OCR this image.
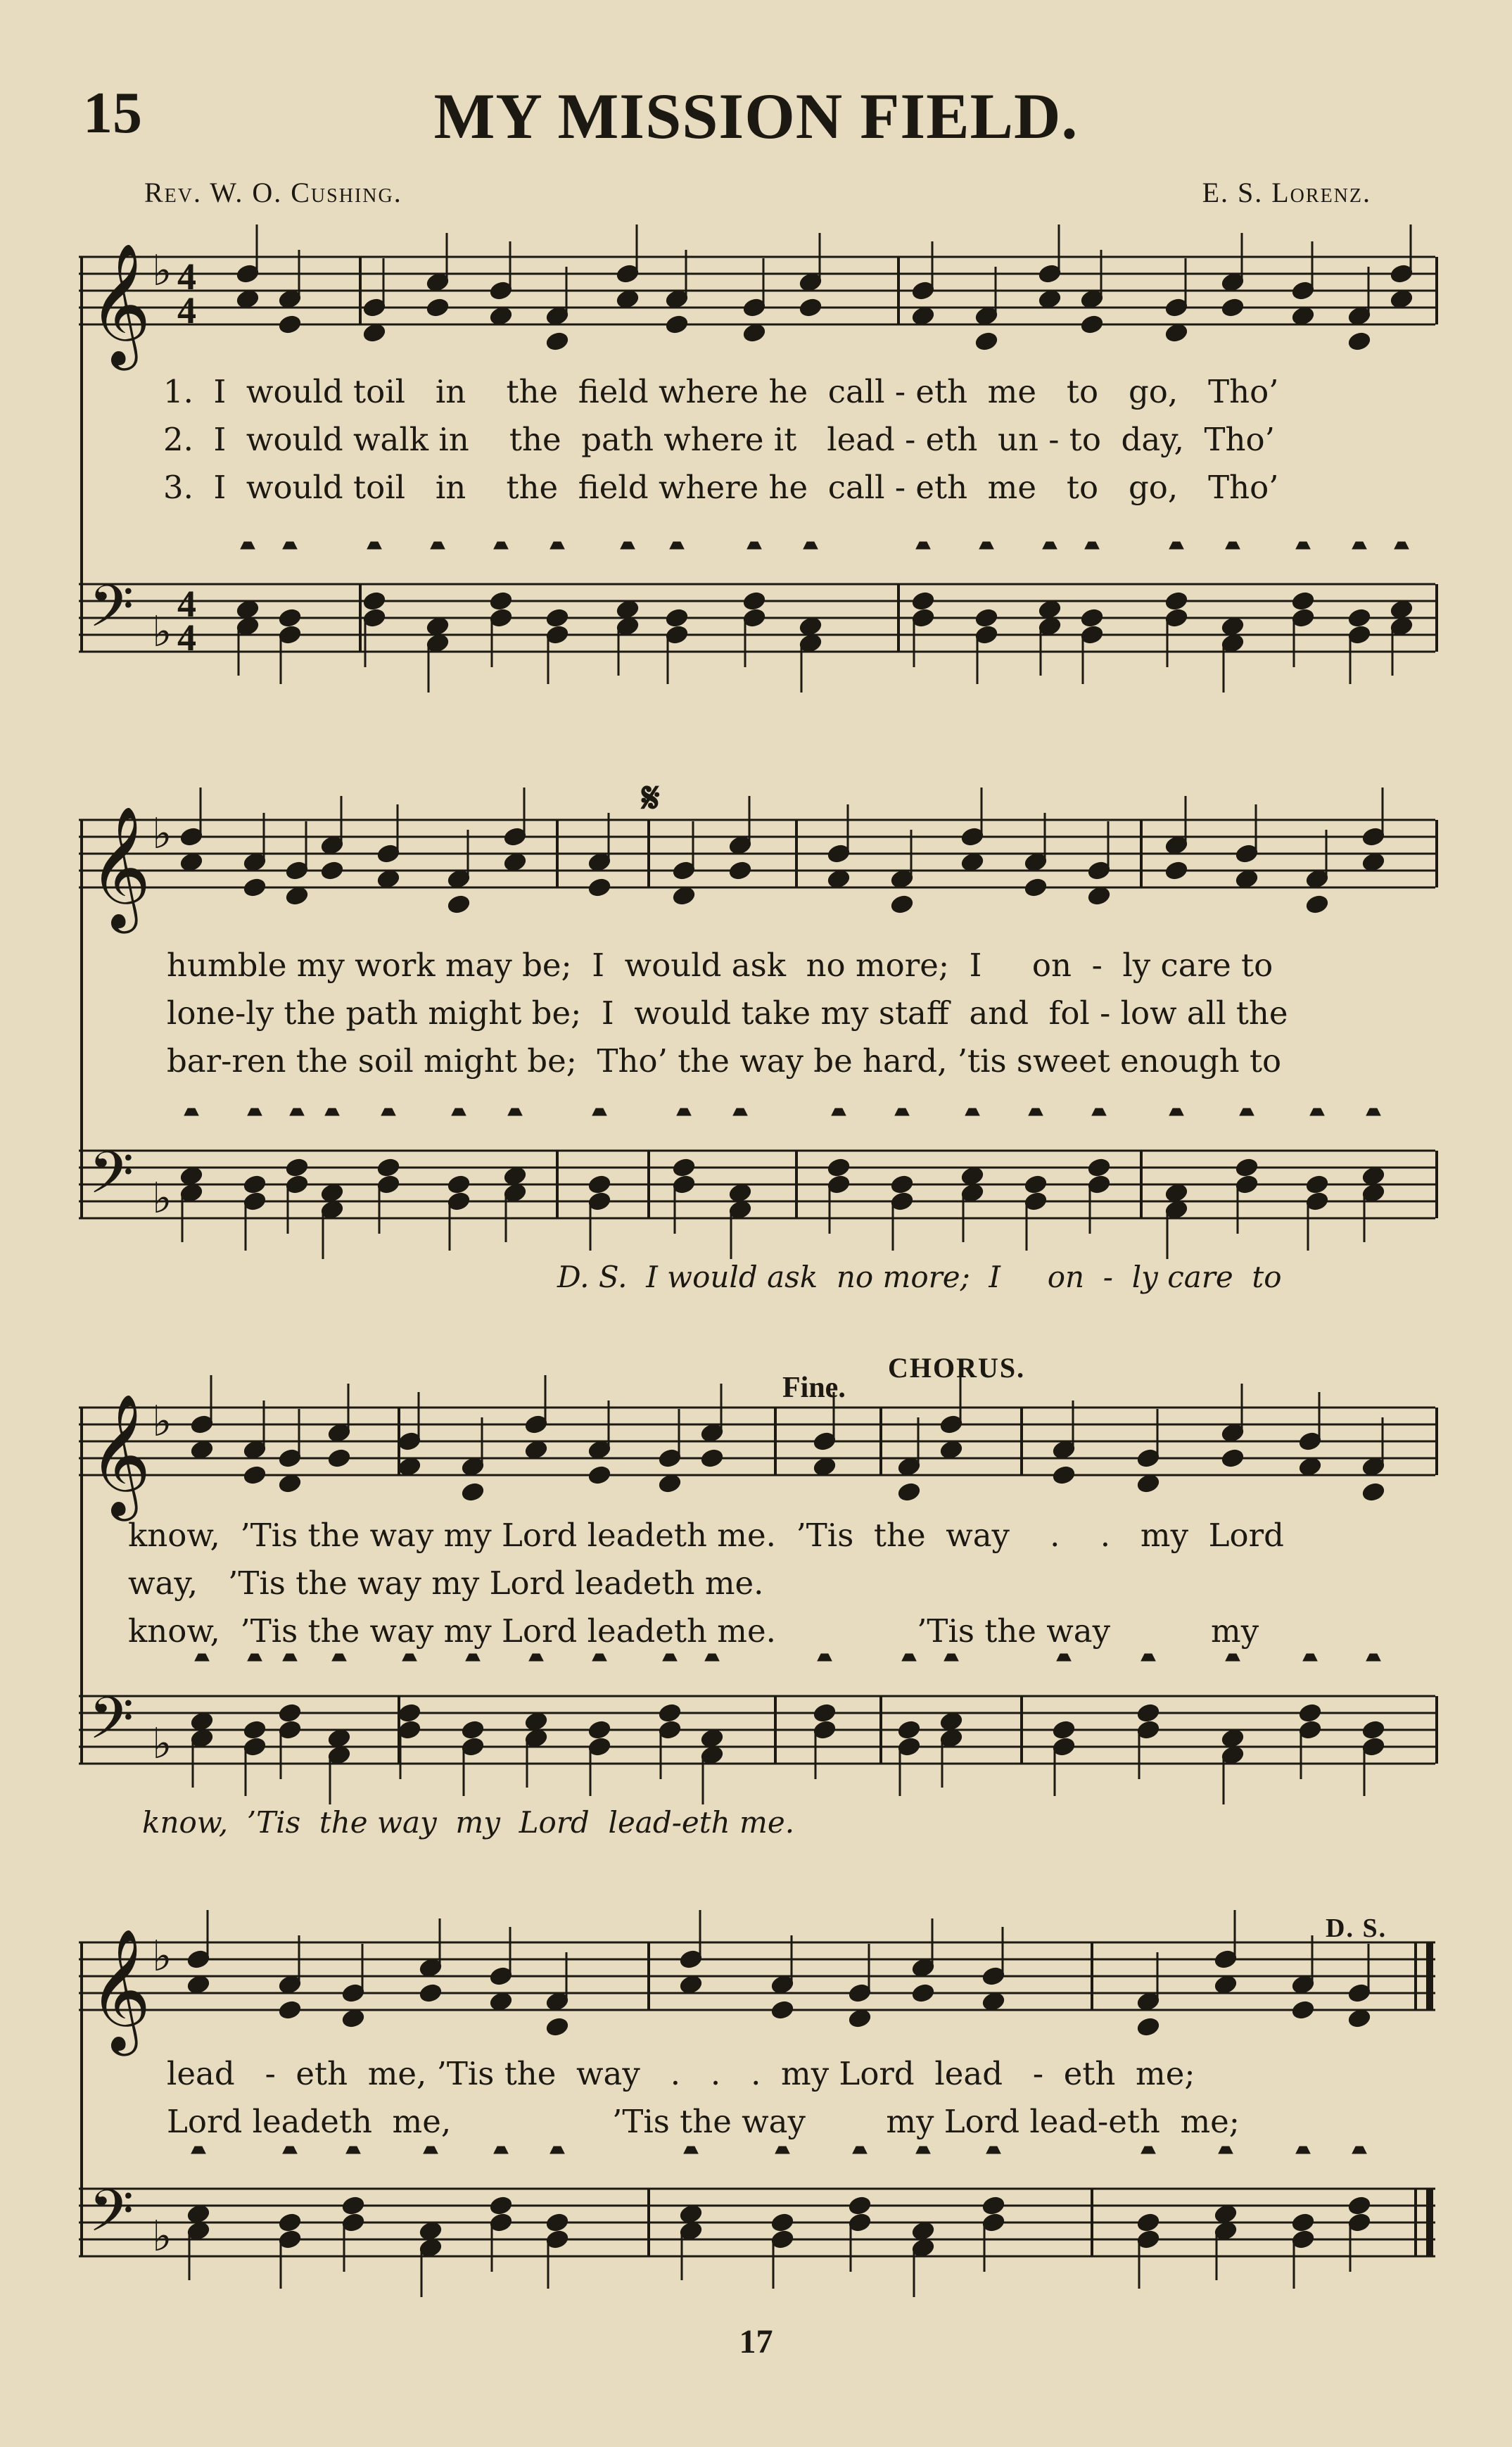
15	MY MISSION FIELD.
Rev. W. O. Cushing.	E. S. Lorenz.
𝄞
𝄢
♭
♭
4
4
4
4
1.  I  would toil   in    the  field where he  call - eth  me   to   go,   Tho’
2.  I  would walk in    the  path where it   lead - eth  un - to  day,  Tho’
3.  I  would toil   in    the  field where he  call - eth  me   to   go,   Tho’
𝄞
𝄢
♭
♭
𝄋
humble my work may be;  I  would ask  no more;  I     on  -  ly care to
lone-ly the path might be;  I  would take my staff  and  fol - low all the
bar-ren the soil might be;  Tho’ the way be hard, ’tis sweet enough to
D. S.  I would ask  no more;  I     on  -  ly care  to
𝄞
𝄢
♭
♭
Fine.
CHORUS.
know,  ’Tis the way my Lord leadeth me.  ’Tis  the  way    .    .   my  Lord
way,   ’Tis the way my Lord leadeth me.
know,  ’Tis the way my Lord leadeth me.              ’Tis the way          my
know,  ’Tis  the way  my  Lord  lead-eth me.
𝄞
𝄢
♭
♭
D. S.
lead   -  eth  me, ’Tis the  way   .   .   .  my Lord  lead   -  eth  me;
Lord leadeth  me,                ’Tis the way        my Lord lead-eth  me;
17
